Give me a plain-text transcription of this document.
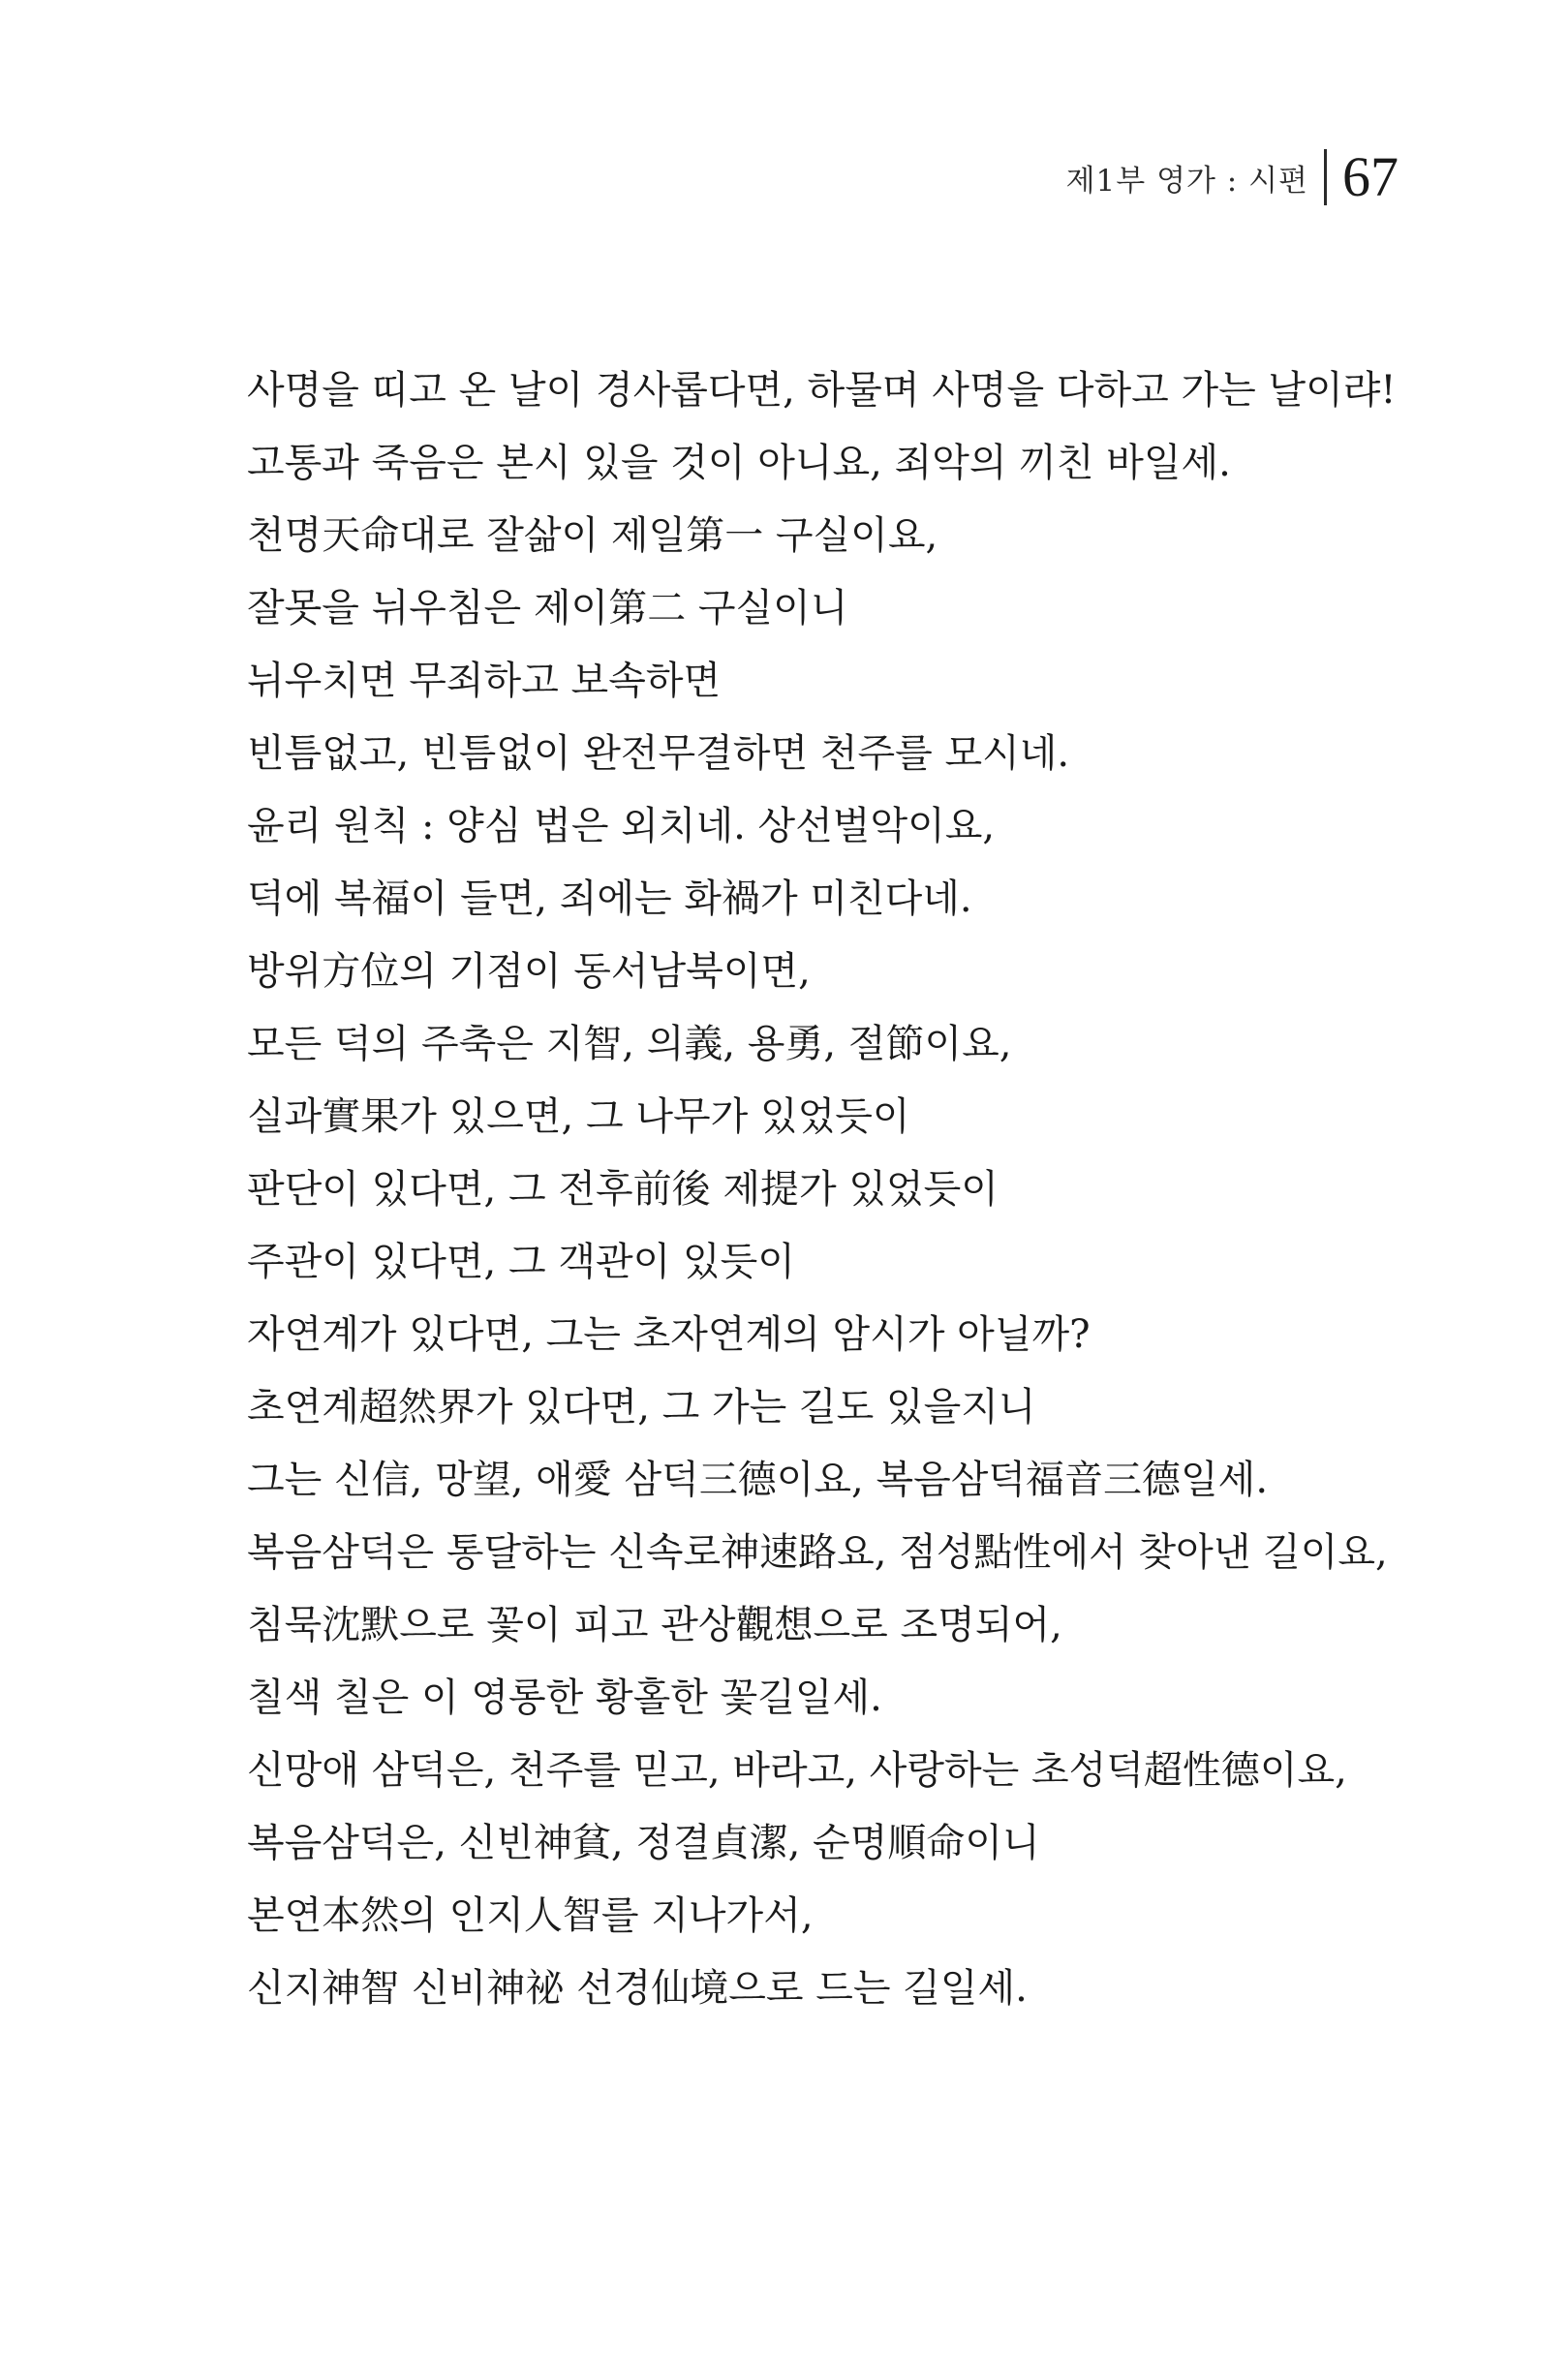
제1부 영가 : 시편 67
사명을 띠고 온 날이 경사롭다면, 하물며 사명을 다하고 가는 날이랴!
고통과 죽음은 본시 있을 것이 아니요, 죄악의 끼친 바일세.
천명天命대로 잘삶이 제일第一 구실이요,
잘못을 뉘우침은 제이第二 구실이니
뉘우치면 무죄하고 보속하면
빈틈없고, 빈틈없이 완전무결하면 천주를 모시네.
윤리 원칙 : 양심 법은 외치네. 상선벌악이요,
덕에 복福이 들면, 죄에는 화禍가 미친다네.
방위方位의 기점이 동서남북이면,
모든 덕의 주축은 지智, 의義, 용勇, 절節이요,
실과實果가 있으면, 그 나무가 있었듯이
판단이 있다면, 그 전후前後 제提가 있었듯이
주관이 있다면, 그 객관이 있듯이
자연계가 있다면, 그는 초자연계의 암시가 아닐까?
초연계超然界가 있다면, 그 가는 길도 있을지니
그는 신信, 망望, 애愛 삼덕三德이요, 복음삼덕福音三德일세.
복음삼덕은 통달하는 신속로神速路요, 점성點性에서 찾아낸 길이요,
침묵沈默으로 꽃이 피고 관상觀想으로 조명되어,
칠색 칠은 이 영롱한 황홀한 꽃길일세.
신망애 삼덕은, 천주를 믿고, 바라고, 사랑하는 초성덕超性德이요,
복음삼덕은, 신빈神貧, 정결貞潔, 순명順命이니
본연本然의 인지人智를 지나가서,
신지神智 신비神祕 선경仙境으로 드는 길일세.
